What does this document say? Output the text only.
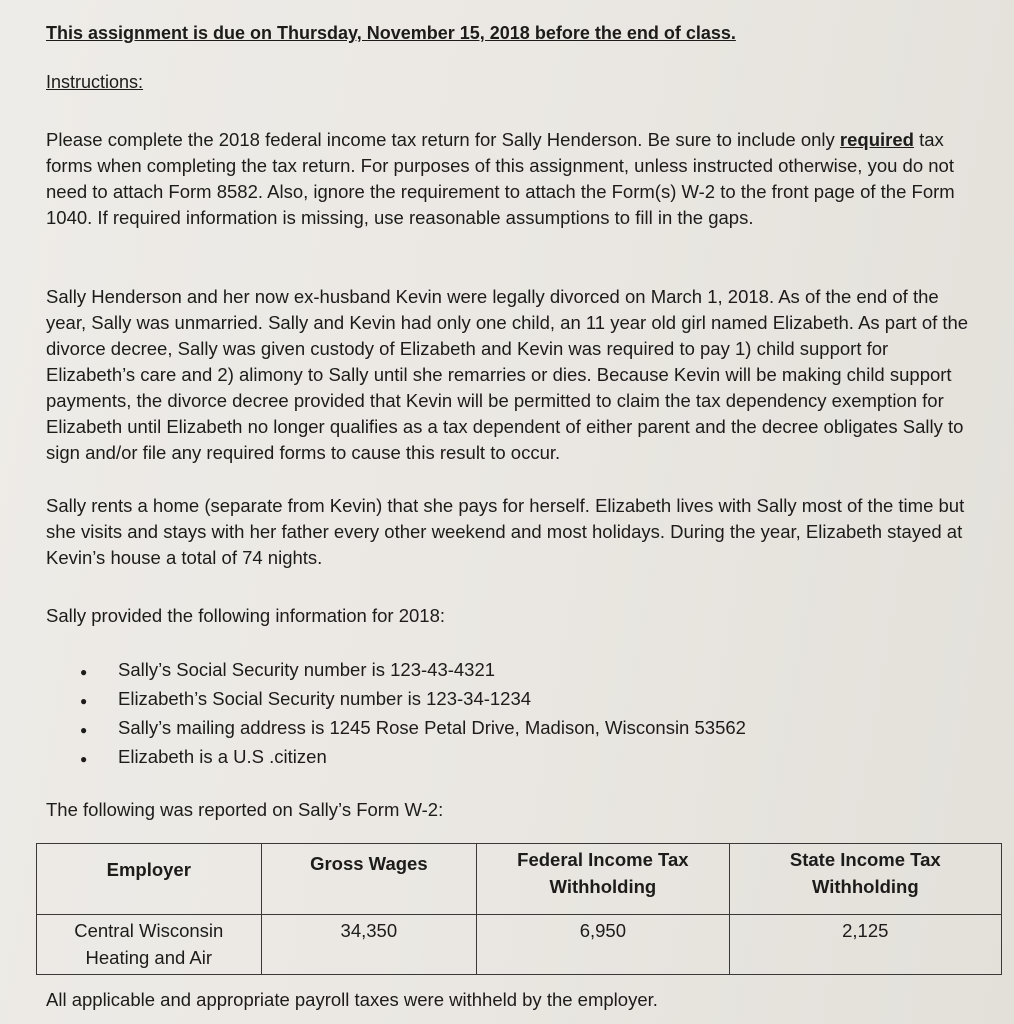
This assignment is due on Thursday, November 15, 2018 before the end of class.
Instructions:
Please complete the 2018 federal income tax return for Sally Henderson. Be sure to include only required tax forms when completing the tax return. For purposes of this assignment, unless instructed otherwise, you do not need to attach Form 8582. Also, ignore the requirement to attach the Form(s) W-2 to the front page of the Form 1040. If required information is missing, use reasonable assumptions to fill in the gaps.
Sally Henderson and her now ex-husband Kevin were legally divorced on March 1, 2018. As of the end of the year, Sally was unmarried. Sally and Kevin had only one child, an 11 year old girl named Elizabeth. As part of the divorce decree, Sally was given custody of Elizabeth and Kevin was required to pay 1) child support for Elizabeth’s care and 2) alimony to Sally until she remarries or dies. Because Kevin will be making child support payments, the divorce decree provided that Kevin will be permitted to claim the tax dependency exemption for Elizabeth until Elizabeth no longer qualifies as a tax dependent of either parent and the decree obligates Sally to sign and/or file any required forms to cause this result to occur.
Sally rents a home (separate from Kevin) that she pays for herself. Elizabeth lives with Sally most of the time but she visits and stays with her father every other weekend and most holidays. During the year, Elizabeth stayed at Kevin’s house a total of 74 nights.
Sally provided the following information for 2018:
● Sally’s Social Security number is 123-43-4321
● Elizabeth’s Social Security number is 123-34-1234
● Sally’s mailing address is 1245 Rose Petal Drive, Madison, Wisconsin 53562
● Elizabeth is a U.S .citizen
The following was reported on Sally’s Form W-2:
Employer	Gross Wages	Federal Income Tax Withholding	State Income Tax Withholding
Central Wisconsin Heating and Air	34,350	6,950	2,125
All applicable and appropriate payroll taxes were withheld by the employer.
